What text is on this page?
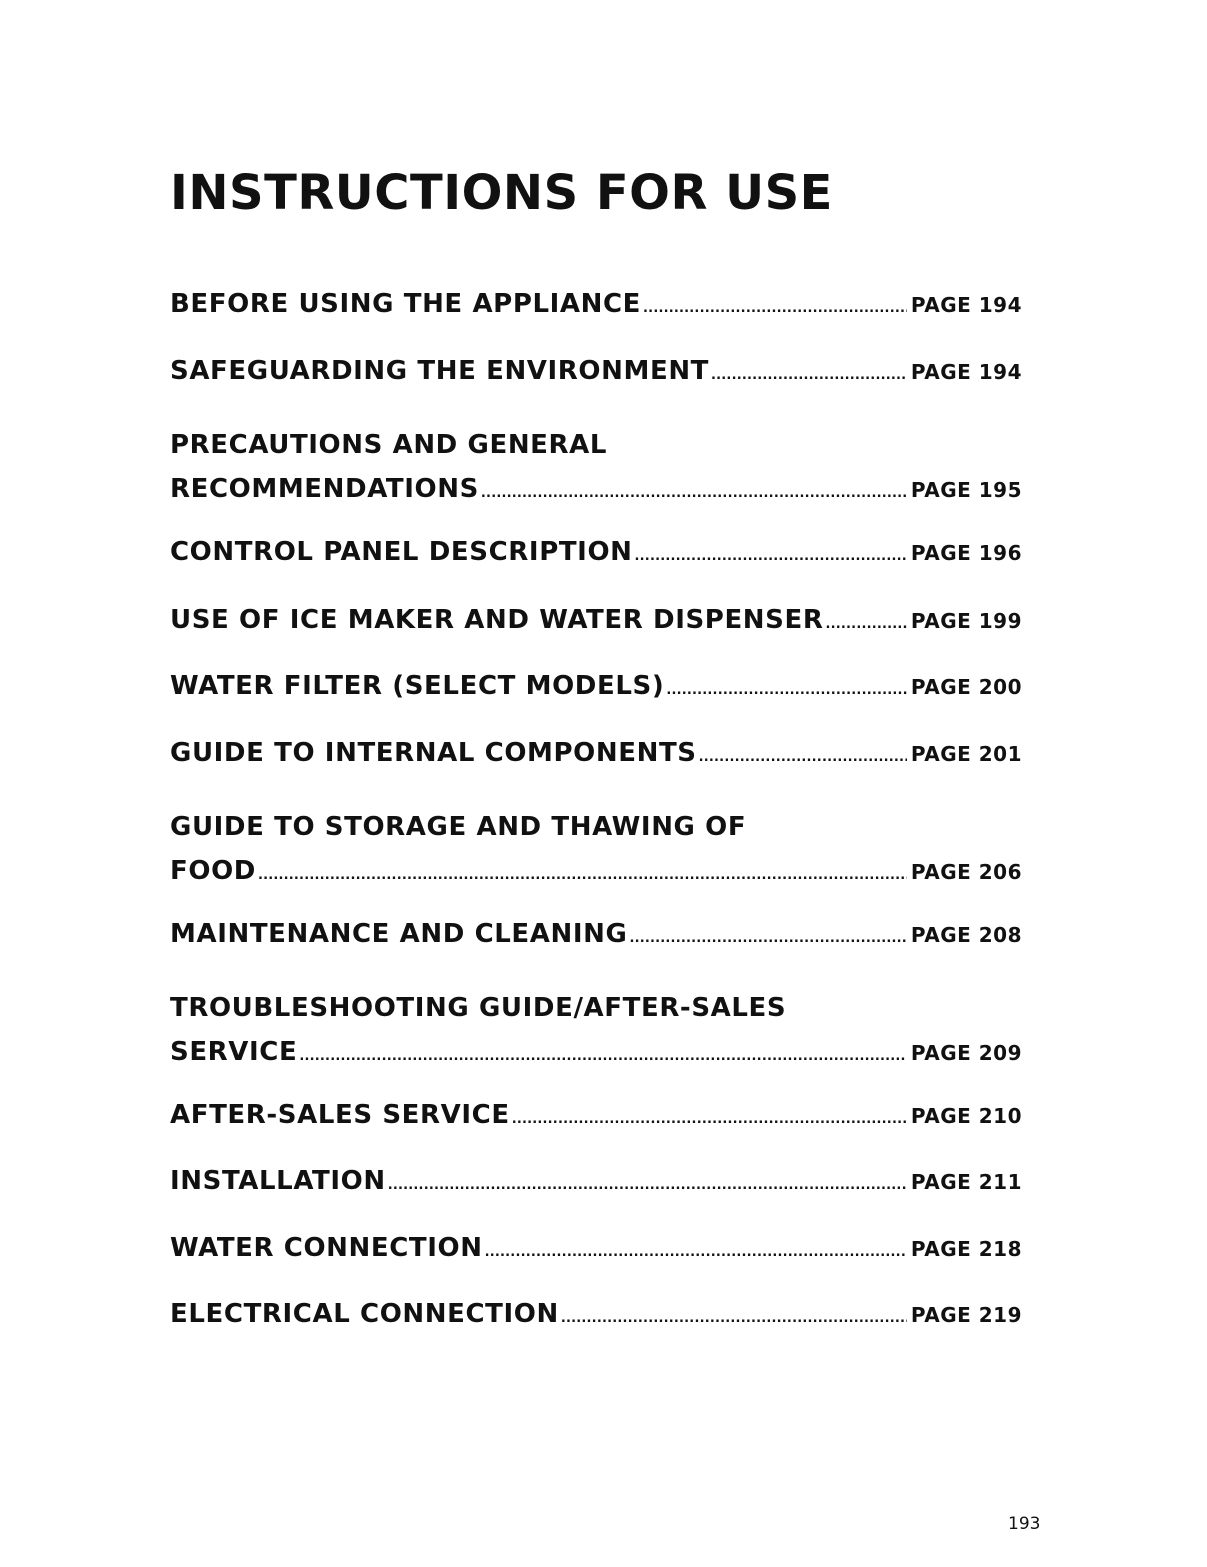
INSTRUCTIONS FOR USE
BEFORE USING THE APPLIANCE .....	PAGE 194
SAFEGUARDING THE ENVIRONMENT .....	PAGE 194
PRECAUTIONS AND GENERAL
RECOMMENDATIONS .....	PAGE 195
CONTROL PANEL DESCRIPTION .....	PAGE 196
USE OF ICE MAKER AND WATER DISPENSER .....	PAGE 199
WATER FILTER (SELECT MODELS) .....	PAGE 200
GUIDE TO INTERNAL COMPONENTS .....	PAGE 201
GUIDE TO STORAGE AND THAWING OF
FOOD .....	PAGE 206
MAINTENANCE AND CLEANING .....	PAGE 208
TROUBLESHOOTING GUIDE/AFTER-SALES
SERVICE .....	PAGE 209
AFTER-SALES SERVICE .....	PAGE 210
INSTALLATION .....	PAGE 211
WATER CONNECTION .....	PAGE 218
ELECTRICAL CONNECTION .....	PAGE 219
193
